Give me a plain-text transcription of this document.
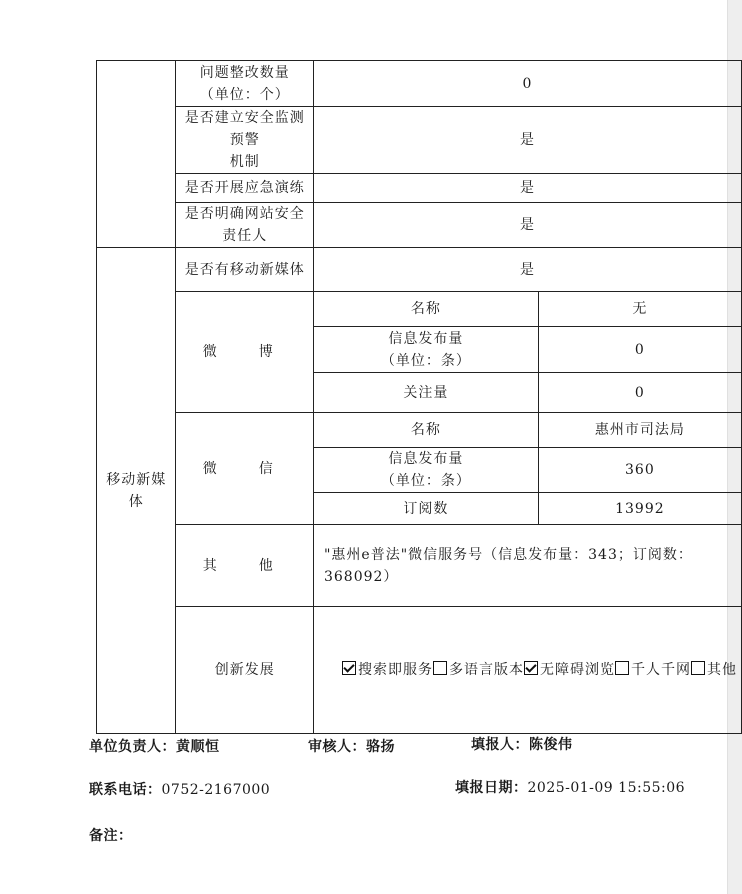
	问题整改数量
（单位：个）	0	
	是否建立安全监测预警
机制	是	
	是否开展应急演练	是	
	是否明确网站安全责任人	是	
移动新媒体	是否有移动新媒体	是	
	微　博	名称	无
		信息发布量
（单位：条）	0
		关注量	0
	微　信	名称	惠州市司法局
		信息发布量
（单位：条）	360
		订阅数	13992
	其　他	"惠州e普法"微信服务号（信息发布量：343；订阅数：368092）	
	创新发展	搜索即服务 多语言版本 无障碍浏览 千人千网 其他	
单位负责人：黄顺恒	审核人：骆扬	填报人：陈俊伟
联系电话：0752-2167000	填报日期：2025-01-09 15:55:06
备注：
